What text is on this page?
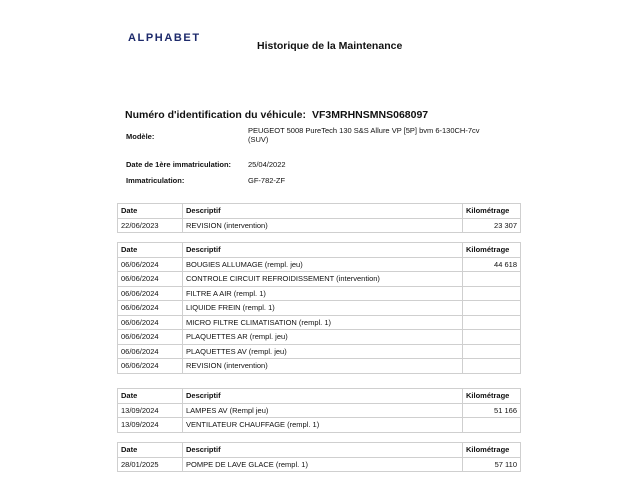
ALPHABET
Historique de la Maintenance
Numéro d'identification du véhicule: VF3MRHNSMNS068097
Modèle:	PEUGEOT 5008 PureTech 130 S&S Allure VP [5P] bvm 6-130CH-7cv
(SUV)

Date de 1ère immatriculation:	25/04/2022
Immatriculation:	GF-782-ZF
Date	Descriptif	Kilométrage
22/06/2023	REVISION (intervention)	23 307
Date	Descriptif	Kilométrage
06/06/2024	BOUGIES ALLUMAGE (rempl. jeu)	44 618
06/06/2024	CONTROLE CIRCUIT REFROIDISSEMENT (intervention)	
06/06/2024	FILTRE A AIR (rempl. 1)	
06/06/2024	LIQUIDE FREIN (rempl. 1)	
06/06/2024	MICRO FILTRE CLIMATISATION (rempl. 1)	
06/06/2024	PLAQUETTES AR (rempl. jeu)	
06/06/2024	PLAQUETTES AV (rempl. jeu)	
06/06/2024	REVISION (intervention)	
Date	Descriptif	Kilométrage
13/09/2024	LAMPES AV (Rempl jeu)	51 166
13/09/2024	VENTILATEUR CHAUFFAGE (rempl. 1)	
Date	Descriptif	Kilométrage
28/01/2025	POMPE DE LAVE GLACE (rempl. 1)	57 110
